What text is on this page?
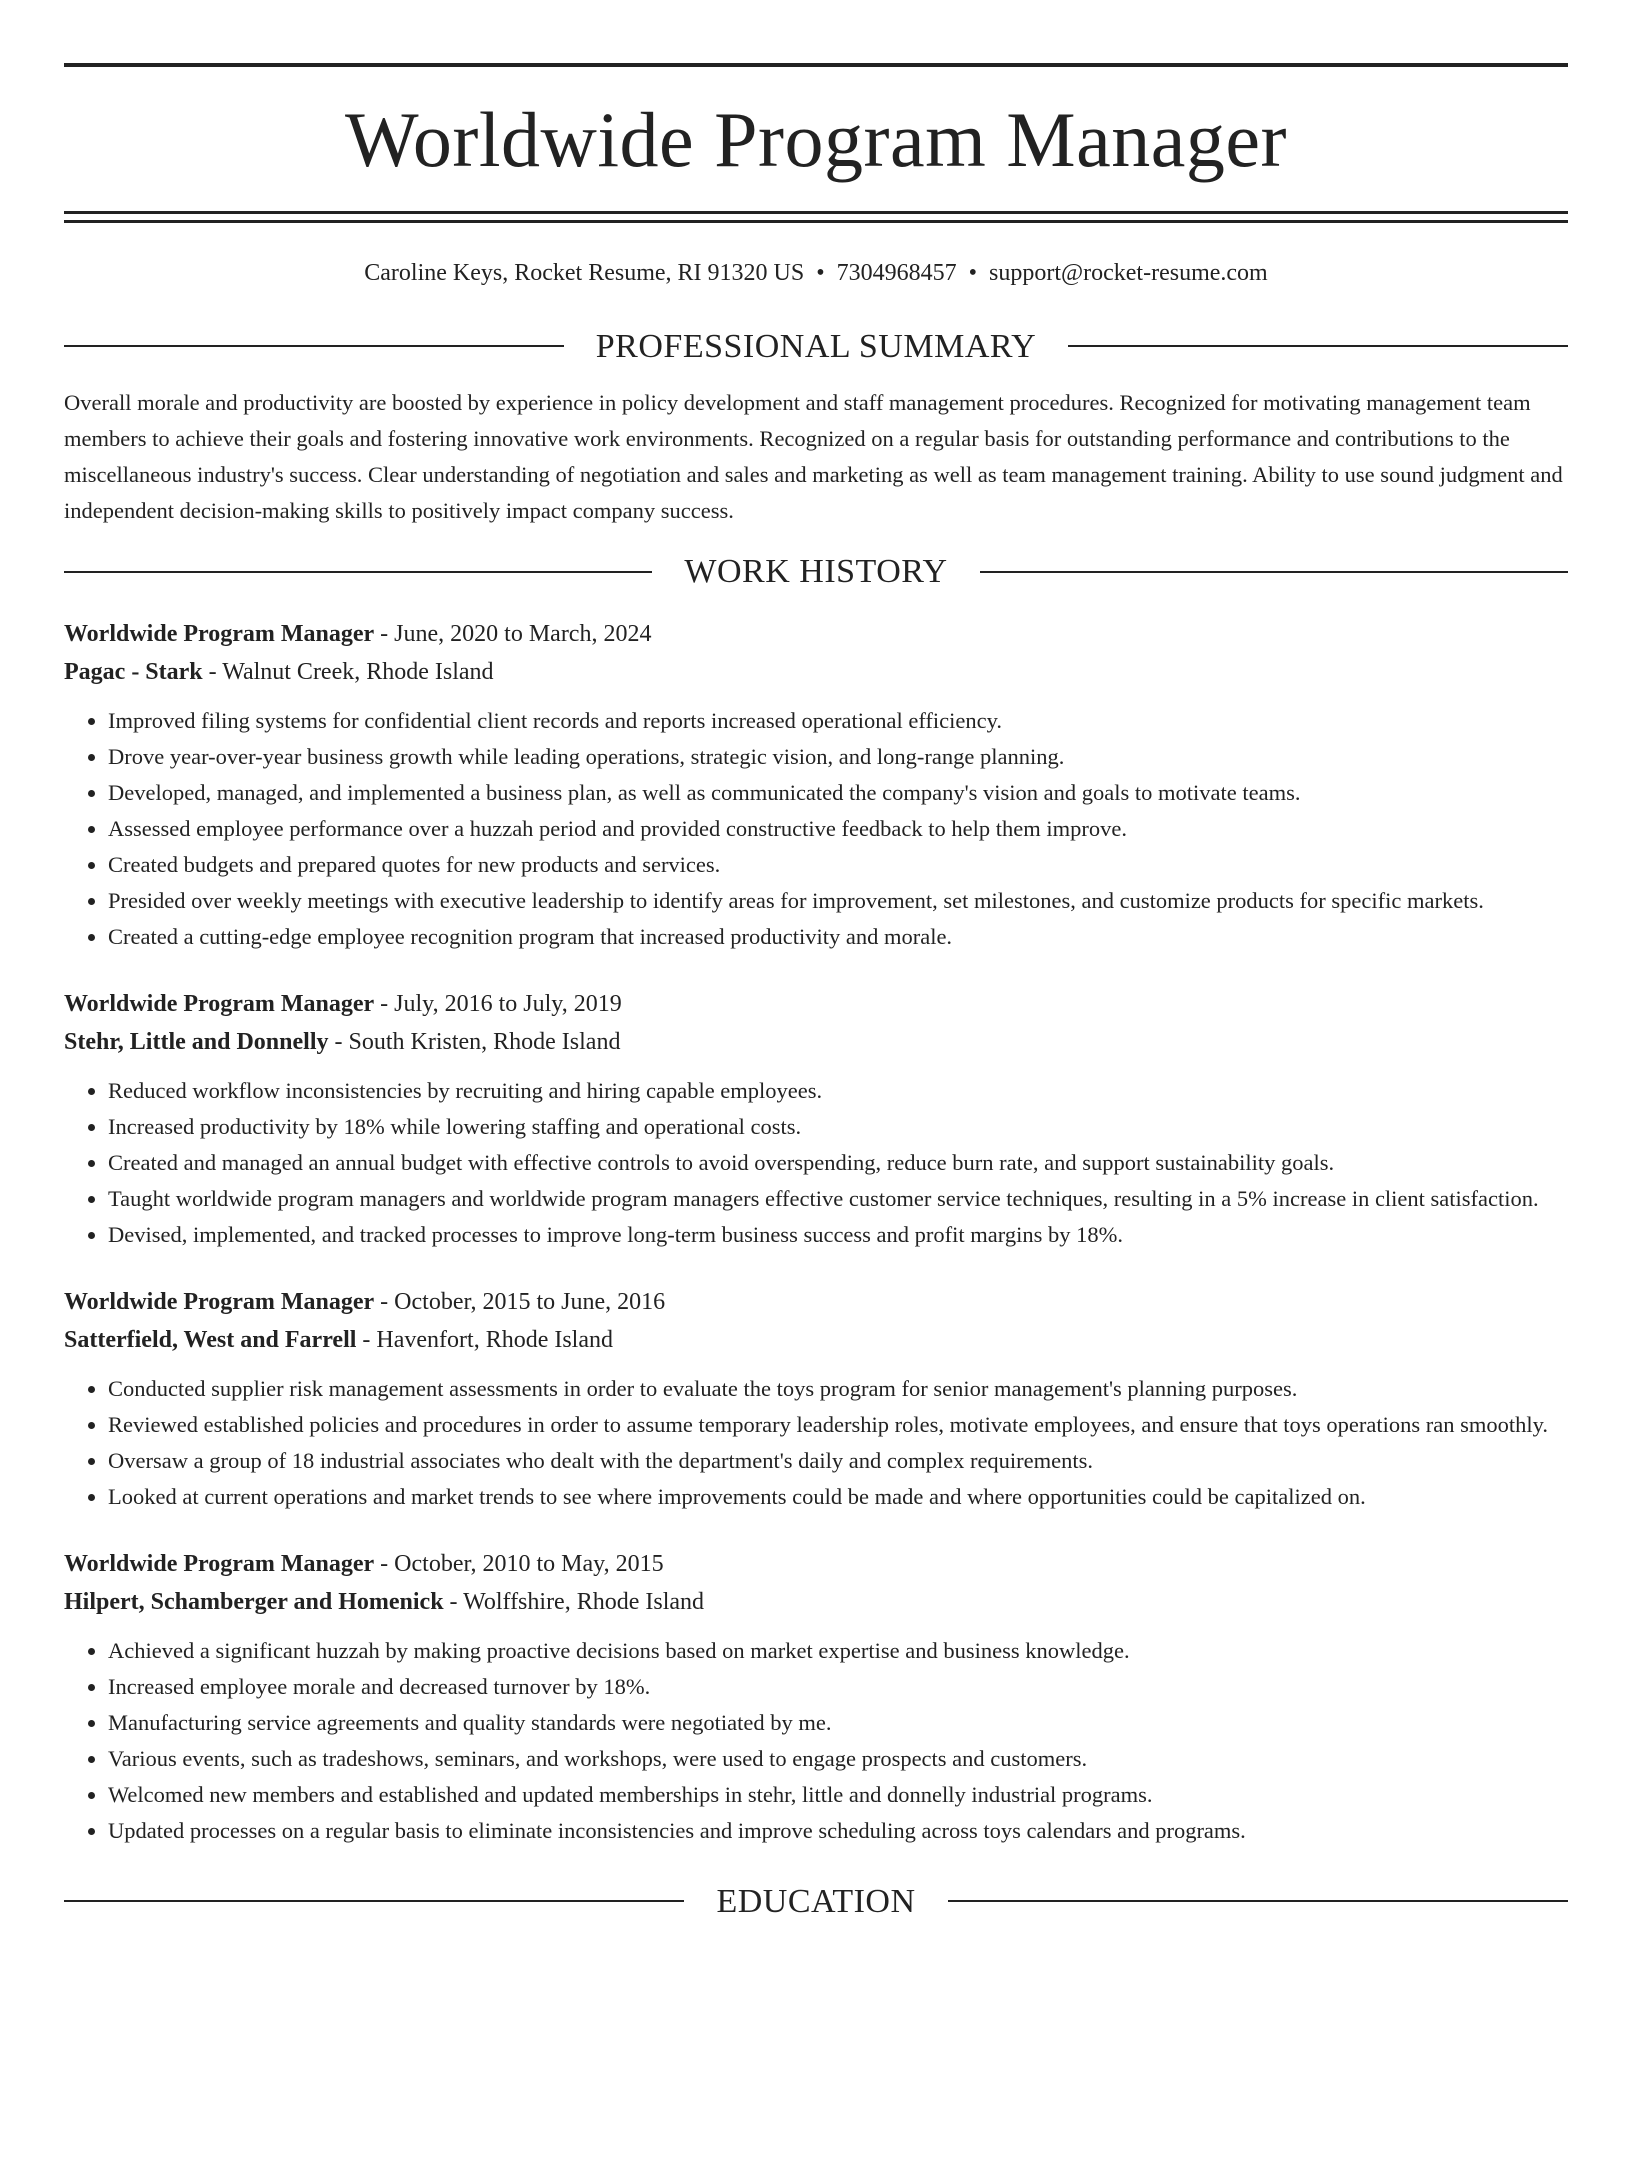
Worldwide Program Manager
Caroline Keys, Rocket Resume, RI 91320 US • 7304968457 • support@rocket-resume.com
PROFESSIONAL SUMMARY
Overall morale and productivity are boosted by experience in policy development and staff management procedures. Recognized for motivating management team members to achieve their goals and fostering innovative work environments. Recognized on a regular basis for outstanding performance and contributions to the miscellaneous industry's success. Clear understanding of negotiation and sales and marketing as well as team management training. Ability to use sound judgment and independent decision-making skills to positively impact company success.
WORK HISTORY
Worldwide Program Manager - June, 2020 to March, 2024
Pagac - Stark - Walnut Creek, Rhode Island
• Improved filing systems for confidential client records and reports increased operational efficiency.
• Drove year-over-year business growth while leading operations, strategic vision, and long-range planning.
• Developed, managed, and implemented a business plan, as well as communicated the company's vision and goals to motivate teams.
• Assessed employee performance over a huzzah period and provided constructive feedback to help them improve.
• Created budgets and prepared quotes for new products and services.
• Presided over weekly meetings with executive leadership to identify areas for improvement, set milestones, and customize products for specific markets.
• Created a cutting-edge employee recognition program that increased productivity and morale.
Worldwide Program Manager - July, 2016 to July, 2019
Stehr, Little and Donnelly - South Kristen, Rhode Island
• Reduced workflow inconsistencies by recruiting and hiring capable employees.
• Increased productivity by 18% while lowering staffing and operational costs.
• Created and managed an annual budget with effective controls to avoid overspending, reduce burn rate, and support sustainability goals.
• Taught worldwide program managers and worldwide program managers effective customer service techniques, resulting in a 5% increase in client satisfaction.
• Devised, implemented, and tracked processes to improve long-term business success and profit margins by 18%.
Worldwide Program Manager - October, 2015 to June, 2016
Satterfield, West and Farrell - Havenfort, Rhode Island
• Conducted supplier risk management assessments in order to evaluate the toys program for senior management's planning purposes.
• Reviewed established policies and procedures in order to assume temporary leadership roles, motivate employees, and ensure that toys operations ran smoothly.
• Oversaw a group of 18 industrial associates who dealt with the department's daily and complex requirements.
• Looked at current operations and market trends to see where improvements could be made and where opportunities could be capitalized on.
Worldwide Program Manager - October, 2010 to May, 2015
Hilpert, Schamberger and Homenick - Wolffshire, Rhode Island
• Achieved a significant huzzah by making proactive decisions based on market expertise and business knowledge.
• Increased employee morale and decreased turnover by 18%.
• Manufacturing service agreements and quality standards were negotiated by me.
• Various events, such as tradeshows, seminars, and workshops, were used to engage prospects and customers.
• Welcomed new members and established and updated memberships in stehr, little and donnelly industrial programs.
• Updated processes on a regular basis to eliminate inconsistencies and improve scheduling across toys calendars and programs.
EDUCATION
